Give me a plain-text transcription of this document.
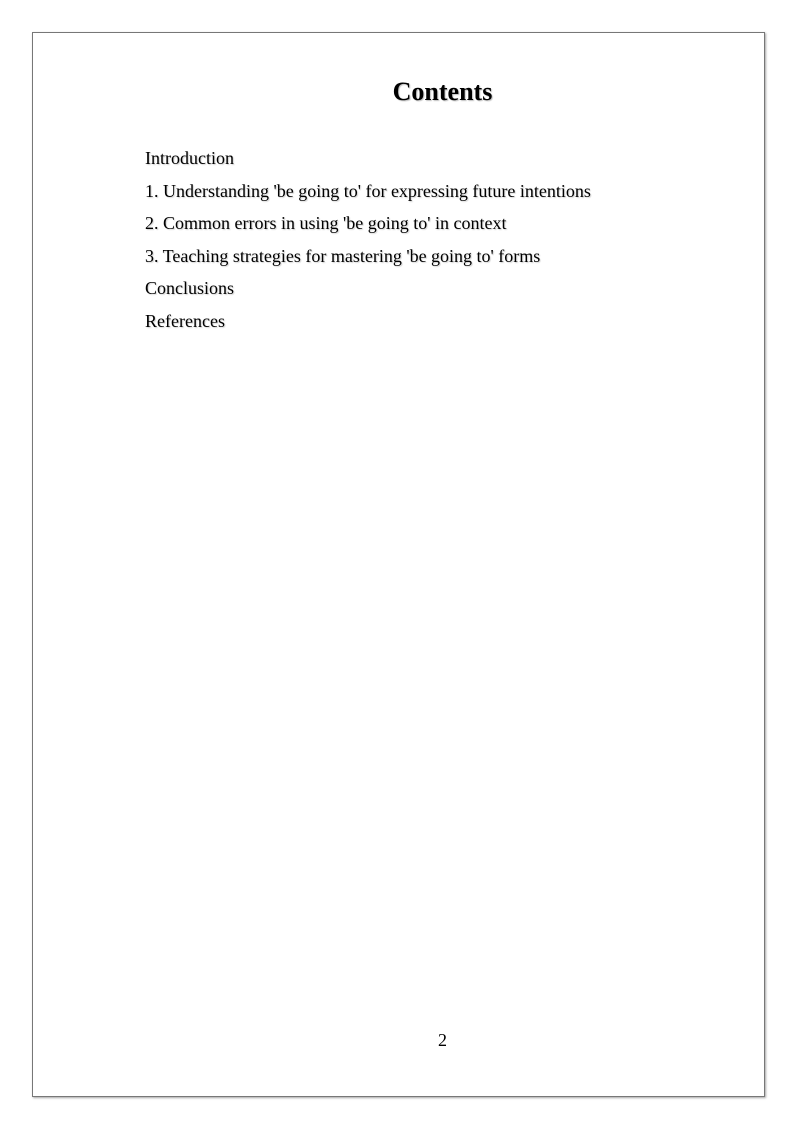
Contents
Introduction
1. Understanding 'be going to' for expressing future intentions
2. Common errors in using 'be going to' in context
3. Teaching strategies for mastering 'be going to' forms
Conclusions
References
2
